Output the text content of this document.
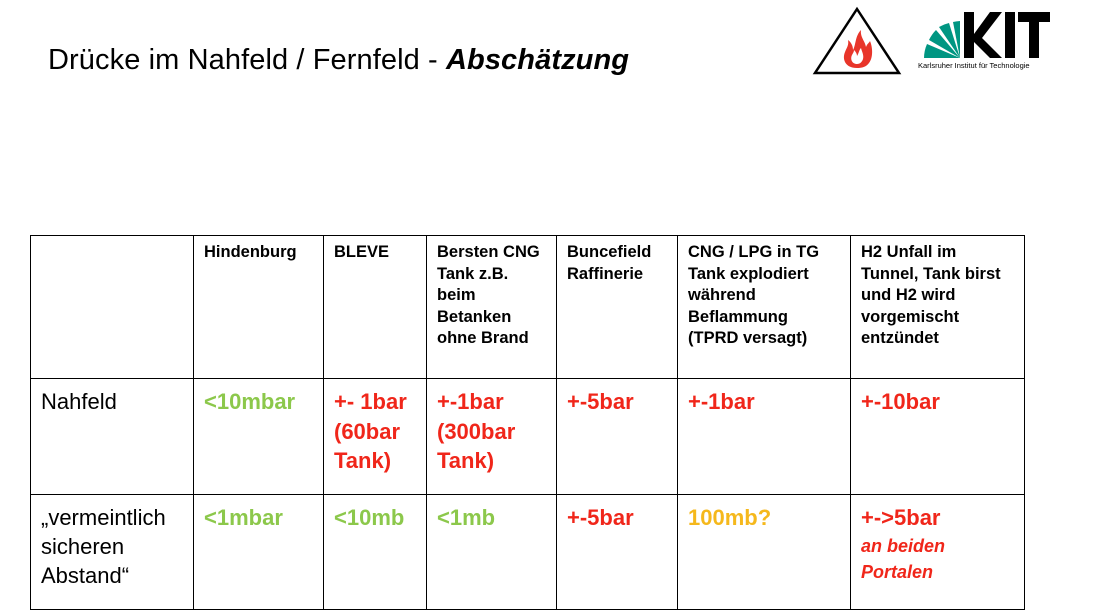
Drücke im Nahfeld / Fernfeld - Abschätzung	Karlsruher Institut für Technologie
	Hindenburg	BLEVE	Bersten CNG Tank z.B. beim Betanken ohne Brand	Buncefield Raffinerie	CNG / LPG in TG Tank explodiert während Beflammung (TPRD versagt)	H2 Unfall im Tunnel, Tank birst und H2 wird vorgemischt entzündet
Nahfeld	<10mbar	+- 1bar (60bar Tank)	+-1bar (300bar Tank)	+-5bar	+-1bar	+-10bar
„vermeintlich sicheren Abstand“	<1mbar	<10mb	<1mb	+-5bar	100mb?	+->5bar
an beiden Portalen
